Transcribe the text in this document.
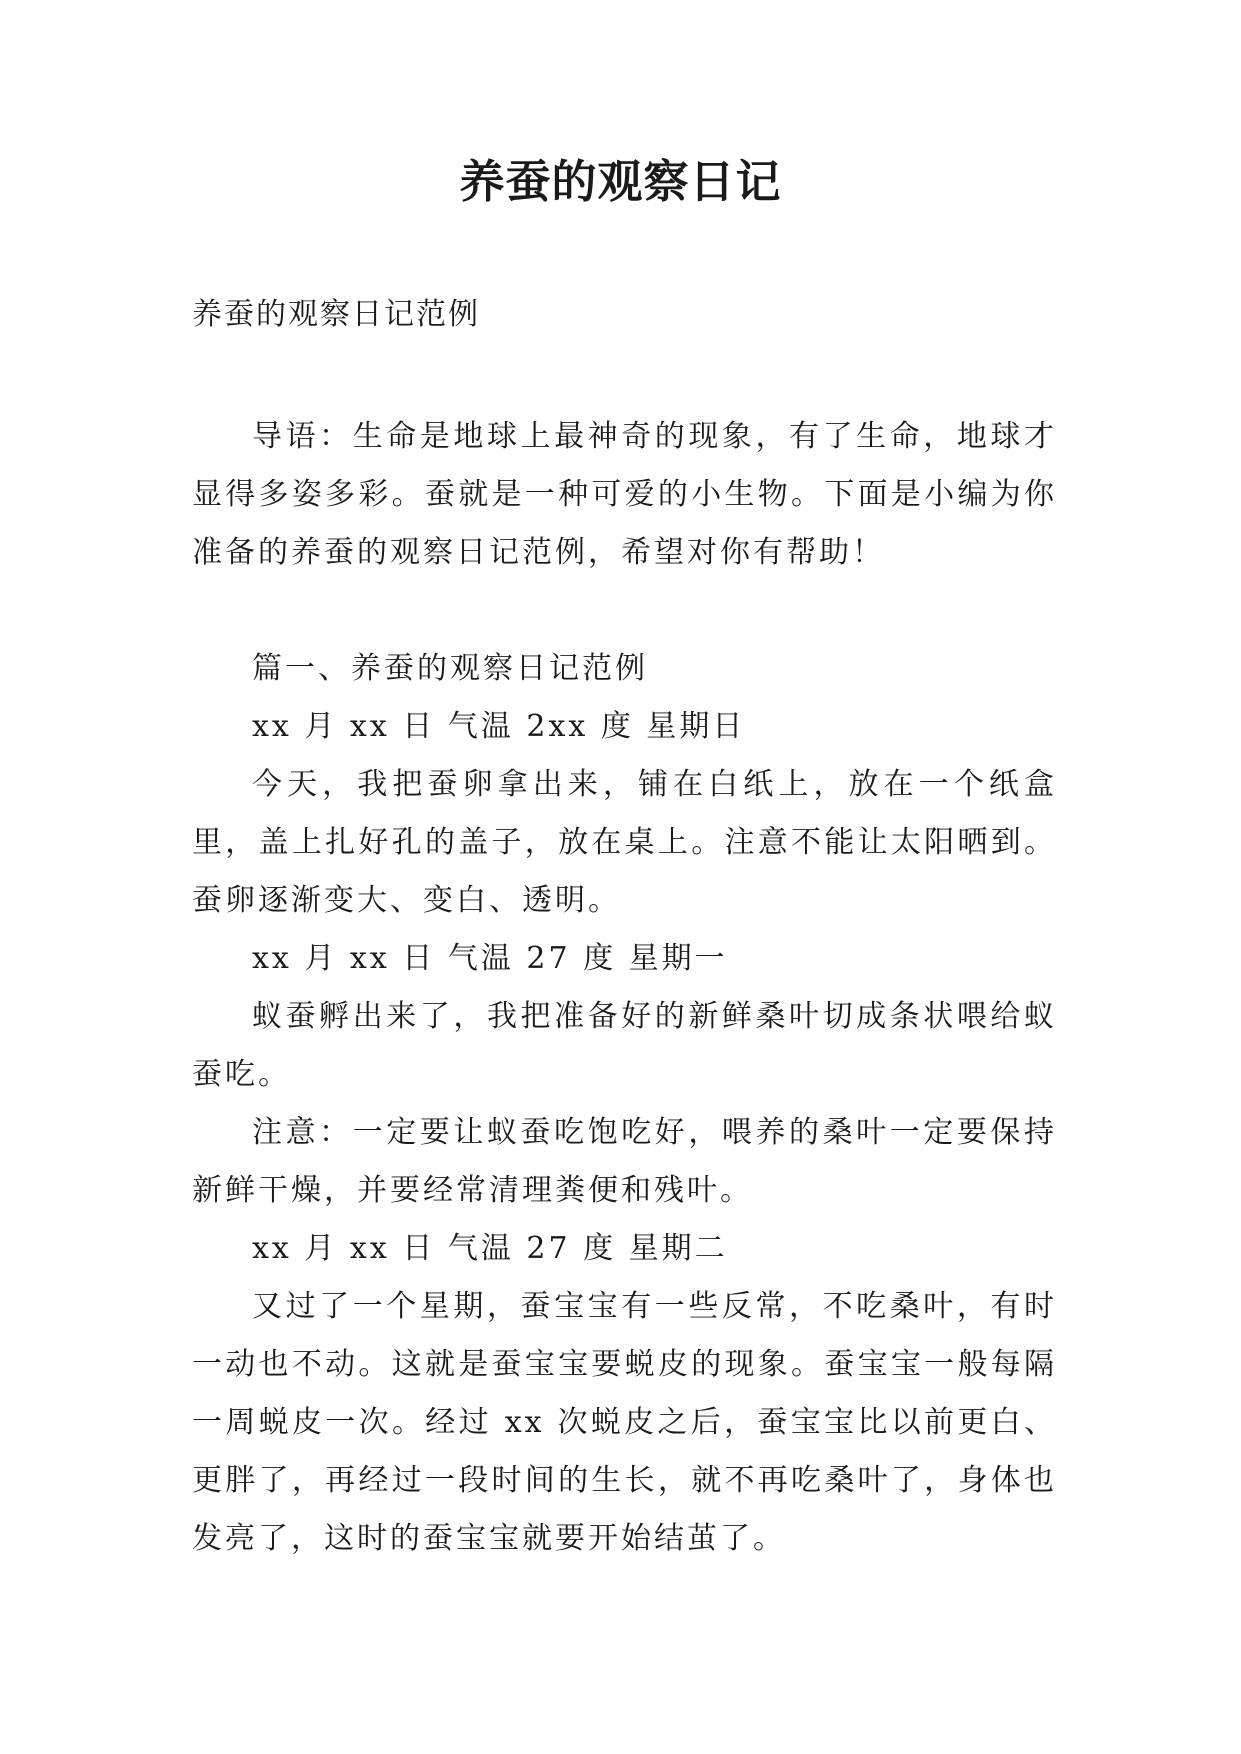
养蚕的观察日记
养蚕的观察日记范例

导语：生命是地球上最神奇的现象，有了生命，地球才显得多姿多彩。蚕就是一种可爱的小生物。下面是小编为你准备的养蚕的观察日记范例，希望对你有帮助！

篇一、养蚕的观察日记范例

xx 月 xx 日 气温 2xx 度 星期日

今天，我把蚕卵拿出来，铺在白纸上，放在一个纸盒里，盖上扎好孔的盖子，放在桌上。注意不能让太阳晒到。蚕卵逐渐变大、变白、透明。

xx 月 xx 日 气温 27 度 星期一

蚁蚕孵出来了，我把准备好的新鲜桑叶切成条状喂给蚁蚕吃。

注意：一定要让蚁蚕吃饱吃好，喂养的桑叶一定要保持新鲜干燥，并要经常清理粪便和残叶。

xx 月 xx 日 气温 27 度 星期二

又过了一个星期，蚕宝宝有一些反常，不吃桑叶，有时一动也不动。这就是蚕宝宝要蜕皮的现象。蚕宝宝一般每隔一周蜕皮一次。经过 xx 次蜕皮之后，蚕宝宝比以前更白、更胖了，再经过一段时间的生长，就不再吃桑叶了，身体也发亮了，这时的蚕宝宝就要开始结茧了。
